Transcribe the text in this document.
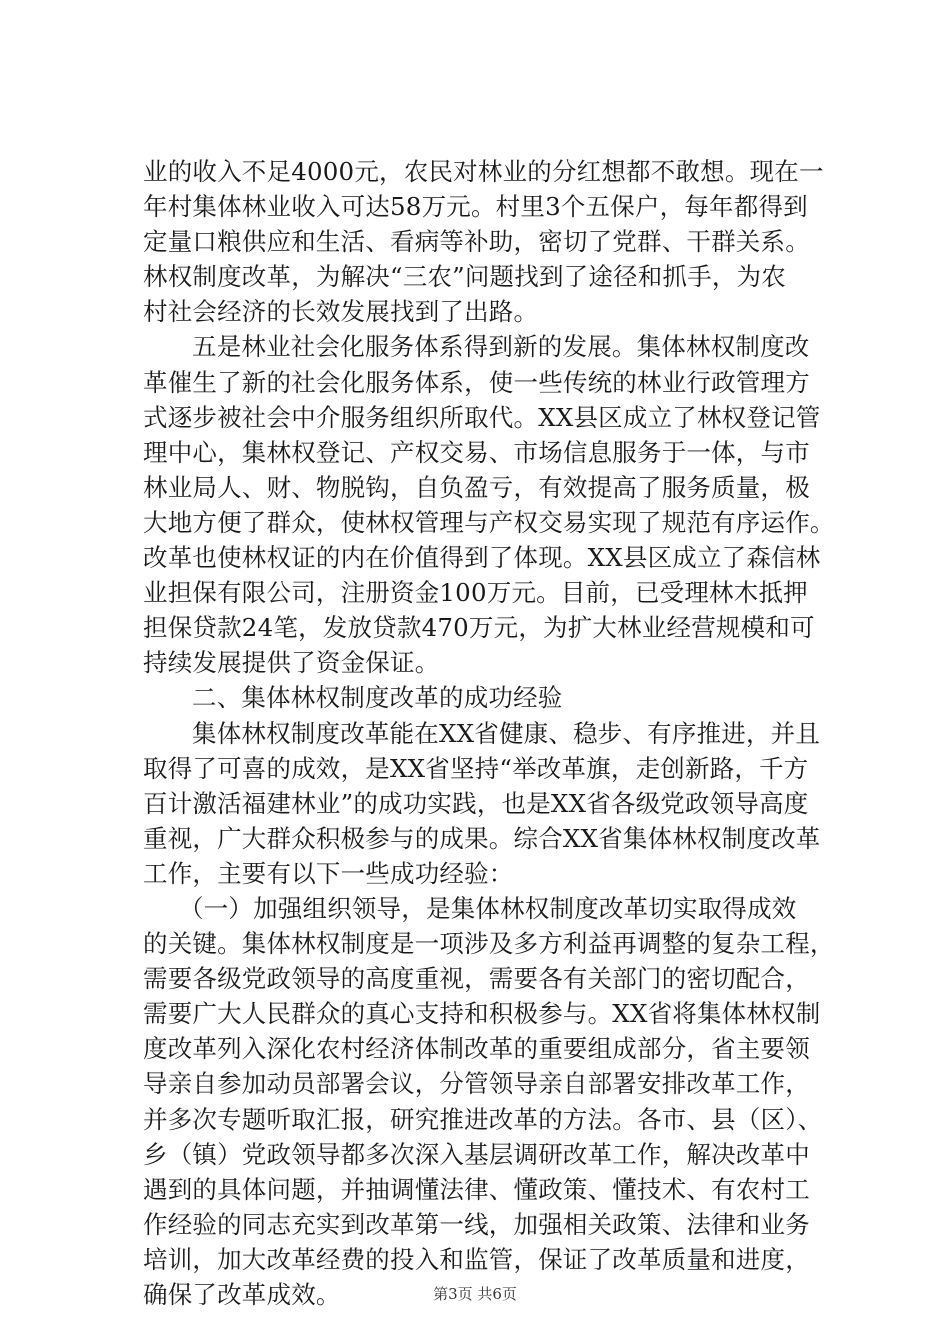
业的收入不足4000元，农民对林业的分红想都不敢想。现在一
年村集体林业收入可达58万元。村里3个五保户，每年都得到
定量口粮供应和生活、看病等补助，密切了党群、干群关系。
林权制度改革，为解决“三农”问题找到了途径和抓手，为农
村社会经济的长效发展找到了出路。

五是林业社会化服务体系得到新的发展。集体林权制度改
革催生了新的社会化服务体系，使一些传统的林业行政管理方
式逐步被社会中介服务组织所取代。XX县区成立了林权登记管
理中心，集林权登记、产权交易、市场信息服务于一体，与市
林业局人、财、物脱钩，自负盈亏，有效提高了服务质量，极
大地方便了群众，使林权管理与产权交易实现了规范有序运作。
改革也使林权证的内在价值得到了体现。XX县区成立了森信林
业担保有限公司，注册资金100万元。目前，已受理林木抵押
担保贷款24笔，发放贷款470万元，为扩大林业经营规模和可
持续发展提供了资金保证。

二、集体林权制度改革的成功经验

集体林权制度改革能在XX省健康、稳步、有序推进，并且
取得了可喜的成效，是XX省坚持“举改革旗，走创新路，千方
百计激活福建林业”的成功实践，也是XX省各级党政领导高度
重视，广大群众积极参与的成果。综合XX省集体林权制度改革
工作，主要有以下一些成功经验：

（一）加强组织领导，是集体林权制度改革切实取得成效
的关键。集体林权制度是一项涉及多方利益再调整的复杂工程，
需要各级党政领导的高度重视，需要各有关部门的密切配合，
需要广大人民群众的真心支持和积极参与。XX省将集体林权制
度改革列入深化农村经济体制改革的重要组成部分，省主要领
导亲自参加动员部署会议，分管领导亲自部署安排改革工作，
并多次专题听取汇报，研究推进改革的方法。各市、县（区）、
乡（镇）党政领导都多次深入基层调研改革工作，解决改革中
遇到的具体问题，并抽调懂法律、懂政策、懂技术、有农村工
作经验的同志充实到改革第一线，加强相关政策、法律和业务
培训，加大改革经费的投入和监管，保证了改革质量和进度，
确保了改革成效。	第3页 共6页
